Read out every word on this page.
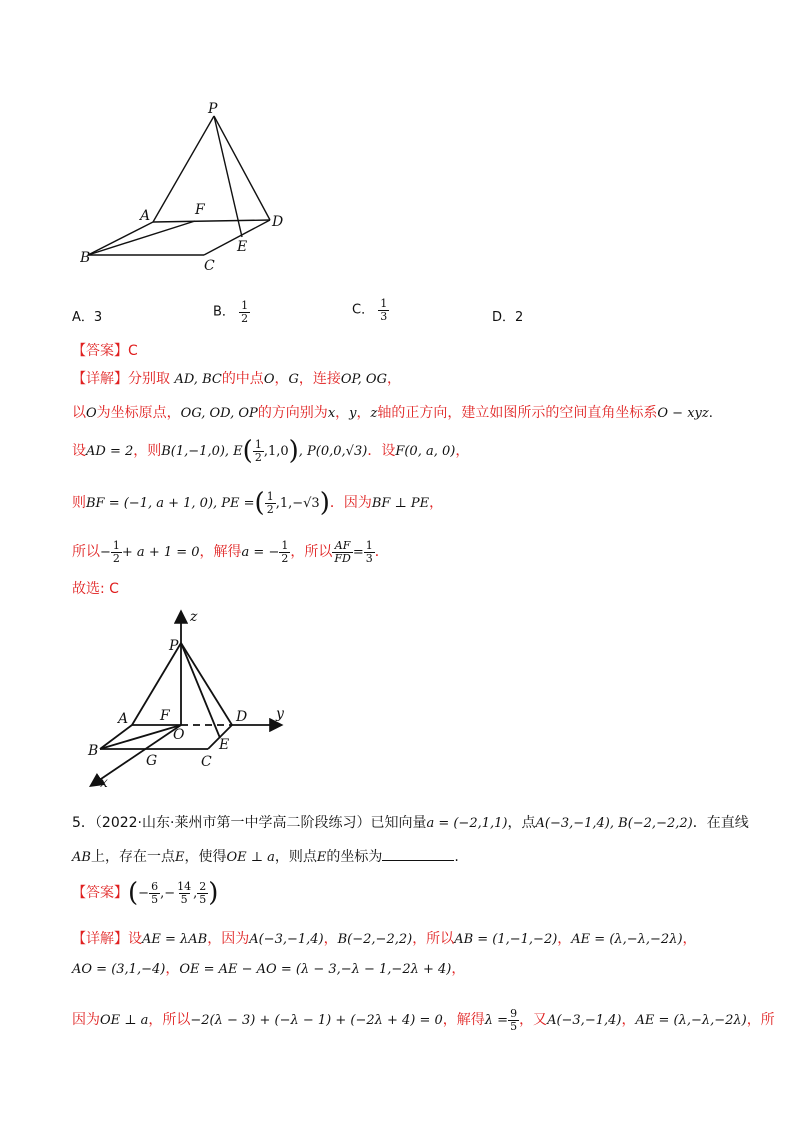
P
A	F
D
B
E
C
A．3	B． $\frac{1}{2}$	C． $\frac{1}{3}$	D．2
【答案】C
【详解】分别取 AD, BC的中点O，G，连接OP, OG，
以O为坐标原点，OG, OD, OP的方向别为x，y，z轴的正方向，建立如图所示的空间直角坐标系O − xyz.
设AD = 2，则B(1,−1,0), $E( \frac{1}{2} ,1,0)$, P(0,0,√3)．设F(0, a, 0)，
则BF = (−1, a + 1, 0), PE =( $\frac{1}{2} ,1,-√3$)．因为BF ⊥ PE，
所以− $\frac{1}{2} + a + 1 = 0$，解得a = − $\frac{1}{2}$ ，所以 $\frac{AF}{FD} = \frac{1}{3}$ ．
故选: C
z
P
y
A F	D
O
B	E
G	C
x
5．（2022·山东·莱州市第一中学高二阶段练习）已知向量a = (−2,1,1)，点A(−3,−1,4), B(−2,−2,2)．在直线
AB上，存在一点E，使得OE ⊥ a，则点E的坐标为	.
【答案】(− $\frac{6}{5}$ ,− $\frac{14}{5}$ , $\frac{2}{5}$ )
【详解】设AE = λAB，因为A(−3,−1,4)，B(−2,−2,2)，所以AB = (1,−1,−2)，AE = (λ,−λ,−2λ)，
AO = (3,1,−4)，OE = AE − AO = (λ − 3,−λ − 1,−2λ + 4)，
因为OE ⊥ a，所以−2(λ − 3) + (−λ − 1) + (−2λ + 4) = 0，解得$\lambda = \frac{9}{5}$ ，又A(−3,−1,4)，AE = (λ,−λ,−2λ)，所
